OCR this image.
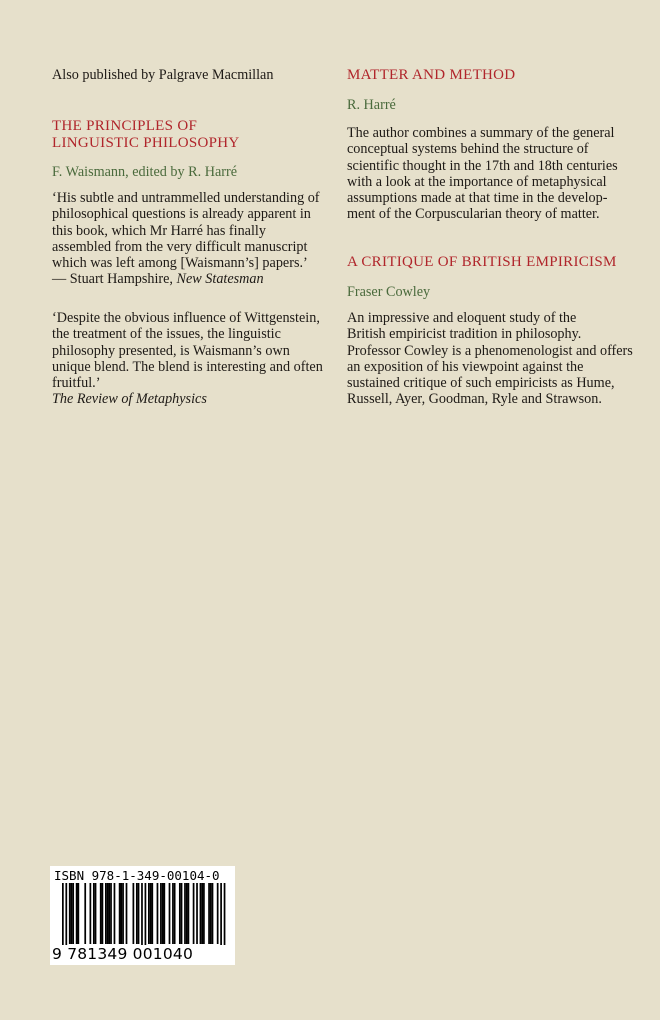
Also published by Palgrave Macmillan
THE PRINCIPLES OF
LINGUISTIC PHILOSOPHY
F. Waismann, edited by R. Harré
‘His subtle and untrammelled understanding of
philosophical questions is already apparent in
this book, which Mr Harré has finally
assembled from the very difficult manuscript
which was left among [Waismann’s] papers.’
— Stuart Hampshire, New Statesman
‘Despite the obvious influence of Wittgenstein,
the treatment of the issues, the linguistic
philosophy presented, is Waismann’s own
unique blend. The blend is interesting and often
fruitful.’
The Review of Metaphysics
MATTER AND METHOD
R. Harré
The author combines a summary of the general
conceptual systems behind the structure of
scientific thought in the 17th and 18th centuries
with a look at the importance of metaphysical
assumptions made at that time in the develop-
ment of the Corpuscularian theory of matter.
A CRITIQUE OF BRITISH EMPIRICISM
Fraser Cowley
An impressive and eloquent study of the
British empiricist tradition in philosophy.
Professor Cowley is a phenomenologist and offers
an exposition of his viewpoint against the
sustained critique of such empiricists as Hume,
Russell, Ayer, Goodman, Ryle and Strawson.
ISBN 978-1-349-00104-0
9 781349 001040
